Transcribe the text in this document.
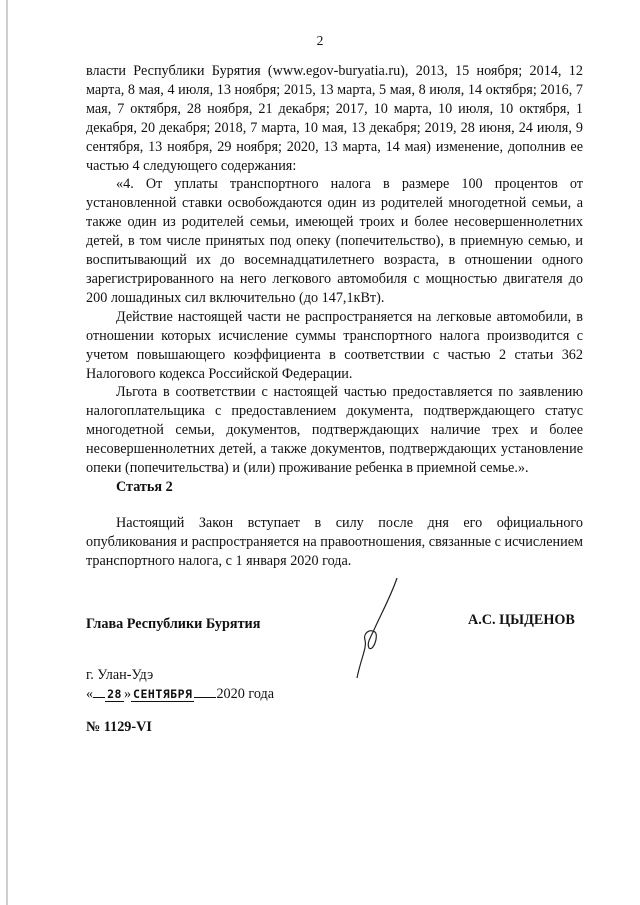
2

власти Республики Бурятия (www.egov-buryatia.ru), 2013, 15 ноября; 2014, 12 марта, 8 мая, 4 июля, 13 ноября; 2015, 13 марта, 5 мая, 8 июля, 14 октября; 2016, 7 мая, 7 октября, 28 ноября, 21 декабря; 2017, 10 марта, 10 июля, 10 октября, 1 декабря, 20 декабря; 2018, 7 марта, 10 мая, 13 декабря; 2019, 28 июня, 24 июля, 9 сентября, 13 ноября, 29 ноября; 2020, 13 марта, 14 мая) изменение, дополнив ее частью 4 следующего содержания:

«4. От уплаты транспортного налога в размере 100 процентов от установленной ставки освобождаются один из родителей многодетной семьи, а также один из родителей семьи, имеющей троих и более несовершеннолетних детей, в том числе принятых под опеку (попечительство), в приемную семью, и воспитывающий их до восемнадцатилетнего возраста, в отношении одного зарегистрированного на него легкового автомобиля с мощностью двигателя до 200 лошадиных сил включительно (до 147,1кВт).

Действие настоящей части не распространяется на легковые автомобили, в отношении которых исчисление суммы транспортного налога производится с учетом повышающего коэффициента в соответствии с частью 2 статьи 362 Налогового кодекса Российской Федерации.

Льгота в соответствии с настоящей частью предоставляется по заявлению налогоплательщика с предоставлением документа, подтверждающего статус многодетной семьи, документов, подтверждающих наличие трех и более несовершеннолетних детей, а также документов, подтверждающих установление опеки (попечительства) и (или) проживание ребенка в приемной семье.».

Статья 2

Настоящий Закон вступает в силу после дня его официального опубликования и распространяется на правоотношения, связанные с исчислением транспортного налога, с 1 января 2020 года.

Глава Республики Бурятия	А.С. ЦЫДЕНОВ
г. Улан-Удэ
« 28 » СЕНТЯБРЯ 2020 года
№ 1129-VI
